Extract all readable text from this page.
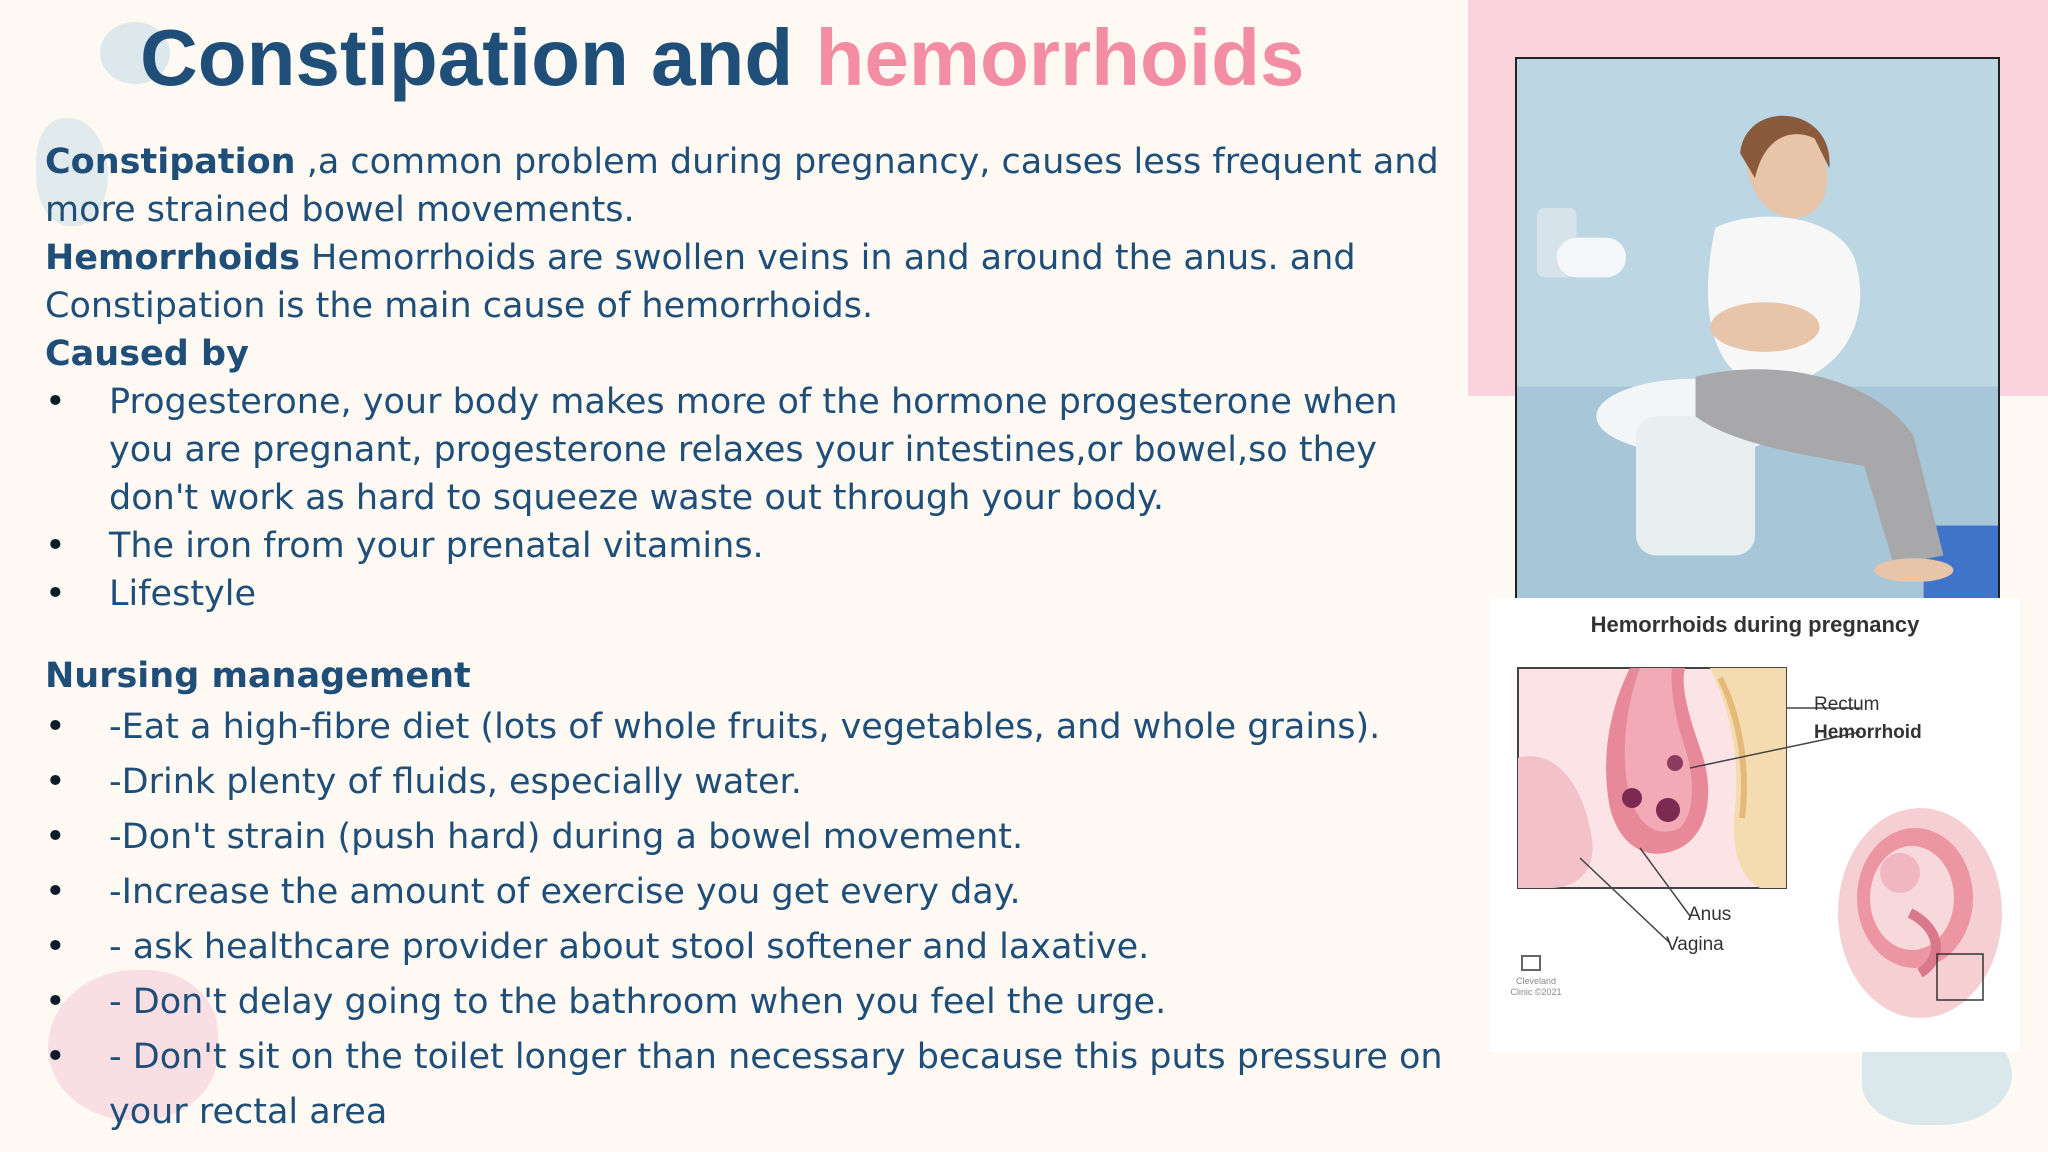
Constipation and hemorrhoids

Constipation ,a common problem during pregnancy, causes less frequent and more strained bowel movements.

Hemorrhoids Hemorrhoids are swollen veins in and around the anus. and Constipation is the main cause of hemorrhoids.

Caused by

• Progesterone, your body makes more of the hormone progesterone when you are pregnant, progesterone relaxes your intestines,or bowel,so they don't work as hard to squeeze waste out through your body.
• The iron from your prenatal vitamins.
• Lifestyle

Nursing management

• -Eat a high-fibre diet (lots of whole fruits, vegetables, and whole grains).
• -Drink plenty of fluids, especially water.
• -Don't strain (push hard) during a bowel movement.
• -Increase the amount of exercise you get every day.
• - ask healthcare provider about stool softener and laxative.
• - Don't delay going to the bathroom when you feel the urge.
• - Don't sit on the toilet longer than necessary because this puts pressure on your rectal area
Hemorrhoids during pregnancy
Rectum
Hemorrhoid
Anus
Vagina
Cleveland Clinic ©2021
